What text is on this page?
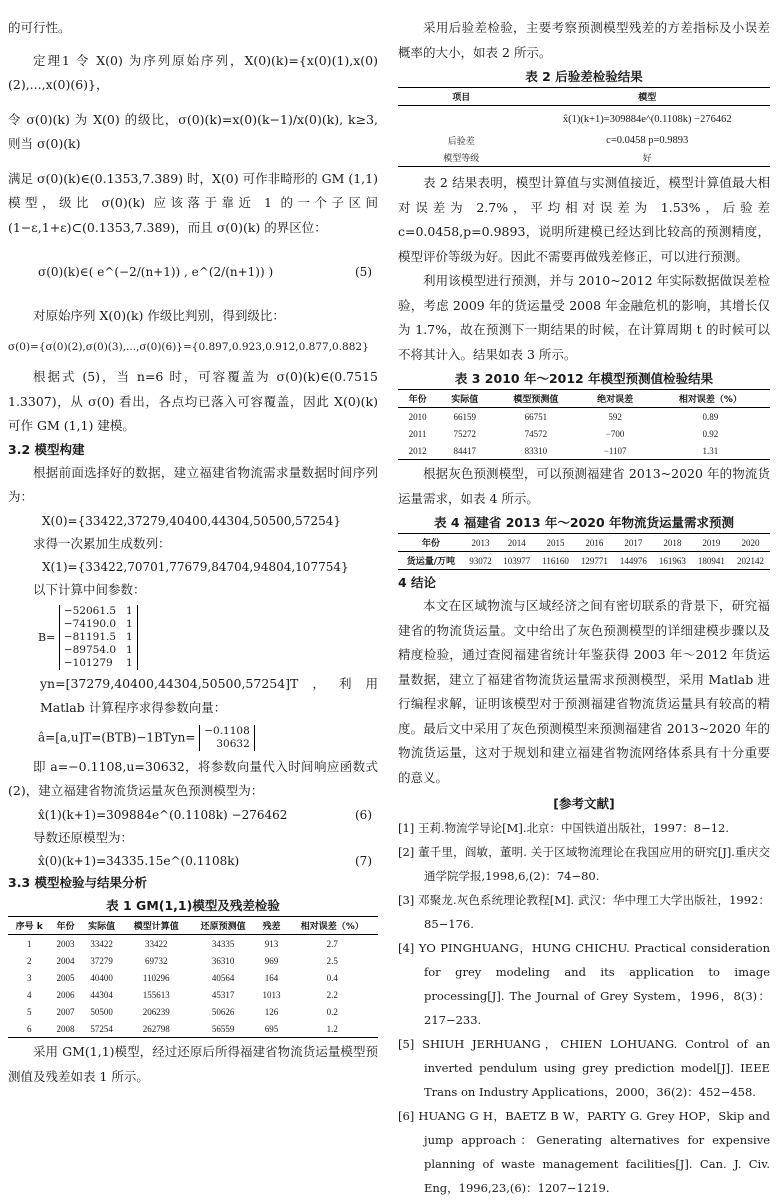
的可行性。

定理1 令 X(0) 为序列原始序列，X(0)(k)={x(0)(1),x(0)(2),...,x(0)(6)}，

令 σ(0)(k) 为 X(0) 的级比，σ(0)(k)=x(0)(k−1)/x(0)(k), k≥3, 则当 σ(0)(k)

满足 σ(0)(k)∈(0.1353,7.389) 时，X(0) 可作非畸形的 GM (1,1) 模型，级比 σ(0)(k) 应该落于靠近 1 的一个子区间 (1−ε,1+ε)⊂(0.1353,7.389)，而且 σ(0)(k) 的界区位：

σ(0)(k)∈( e^(−2/(n+1)) , e^(2/(n+1)) )	(5)

对原始序列 X(0)(k) 作级比判别，得到级比：

σ(0)={σ(0)(2),σ(0)(3),...,σ(0)(6)}={0.897,0.923,0.912,0.877,0.882}

根据式 (5)，当 n=6 时，可容覆盖为 σ(0)(k)∈(0.7515 1.3307)，从 σ(0) 看出，各点均已落入可容覆盖，因此 X(0)(k) 可作 GM (1,1) 建模。

3.2 模型构建

根据前面选择好的数据，建立福建省物流需求量数据时间序列为：

X(0)={33422,37279,40400,44304,50500,57254}

求得一次累加生成数列：

X(1)={33422,70701,77679,84704,94804,107754}

以下计算中间参数：

B=
−52061.5   1
−74190.0   1
−81191.5   1
−89754.0   1
−101279    1

yn=[37279,40400,44304,50500,57254]T，利用 Matlab 计算程序求得参数向量：

â=[a,u]T=(BTB)−1BTyn= −0.1108
30632

即 a=−0.1108,u=30632，将参数向量代入时间响应函数式(2)，建立福建省物流货运量灰色预测模型为：

x̂(1)(k+1)=309884e^(0.1108k) −276462	(6)

导数还原模型为：

x̂(0)(k+1)=34335.15e^(0.1108k)	(7)

3.3 模型检验与结果分析

表 1 GM(1,1)模型及残差检验
序号 k	年份	实际值	模型计算值	还原预测值	残差	相对误差（%）
1	2003	33422	33422	34335	913	2.7
2	2004	37279	69732	36310	969	2.5
3	2005	40400	110296	40564	164	0.4
4	2006	44304	155613	45317	1013	2.2
5	2007	50500	206239	50626	126	0.2
6	2008	57254	262798	56559	695	1.2

采用 GM(1,1)模型，经过还原后所得福建省物流货运量模型预测值及残差如表 1 所示。

采用后验差检验，主要考察预测模型残差的方差指标及小误差概率的大小，如表 2 所示。

表 2 后验差检验结果
项目	模型
	x̂(1)(k+1)=309884e^(0.1108k) −276462
后验差	c=0.0458 p=0.9893
模型等级	好

表 2 结果表明，模型计算值与实测值接近，模型计算值最大相对误差为 2.7%，平均相对误差为 1.53%，后验差 c=0.0458,p=0.9893，说明所建模已经达到比较高的预测精度，模型评价等级为好。因此不需要再做残差修正，可以进行预测。

利用该模型进行预测，并与 2010~2012 年实际数据做误差检验，考虑 2009 年的货运量受 2008 年金融危机的影响，其增长仅为 1.7%，故在预测下一期结果的时候，在计算周期 t 的时候可以不将其计入。结果如表 3 所示。

表 3 2010 年～2012 年模型预测值检验结果
年份	实际值	模型预测值	绝对误差	相对误差（%）
2010	66159	66751	592	0.89
2011	75272	74572	−700	0.92
2012	84417	83310	−1107	1.31

根据灰色预测模型，可以预测福建省 2013~2020 年的物流货运量需求，如表 4 所示。

表 4 福建省 2013 年～2020 年物流货运量需求预测
年份	2013	2014	2015	2016	2017	2018	2019	2020
货运量/万吨	93072	103977	116160	129771	144976	161963	180941	202142

4 结论

本文在区域物流与区域经济之间有密切联系的背景下，研究福建省的物流货运量。文中给出了灰色预测模型的详细建模步骤以及精度检验，通过查阅福建省统计年鉴获得 2003 年～2012 年货运量数据，建立了福建省物流货运量需求预测模型，采用 Matlab 进行编程求解，证明该模型对于预测福建省物流货运量具有较高的精度。最后文中采用了灰色预测模型来预测福建省 2013~2020 年的物流货运量，这对于规划和建立福建省物流网络体系具有十分重要的意义。

[参考文献]

[1] 王莉.物流学导论[M].北京：中国铁道出版社，1997：8−12.

[2] 董千里，阎敏，董明. 关于区域物流理论在我国应用的研究[J].重庆交通学院学报,1998,6,(2)：74−80.

[3] 邓聚龙.灰色系统理论教程[M]. 武汉：华中理工大学出版社，1992：85−176.

[4] YO PINGHUANG，HUNG CHICHU. Practical consideration for grey modeling and its application to image processing[J]. The Journal of Grey System，1996，8(3)：217−233.

[5] SHIUH JERHUANG，CHIEN LOHUANG. Control of an inverted pendulum using grey prediction model[J]. IEEE Trans on Industry Applications，2000，36(2)：452−458.

[6] HUANG G H，BAETZ B W，PARTY G. Grey HOP，Skip and jump approach：Generating alternatives for expensive planning of waste management facilities[J]. Can. J. Civ. Eng，1996,23,(6)：1207−1219.
